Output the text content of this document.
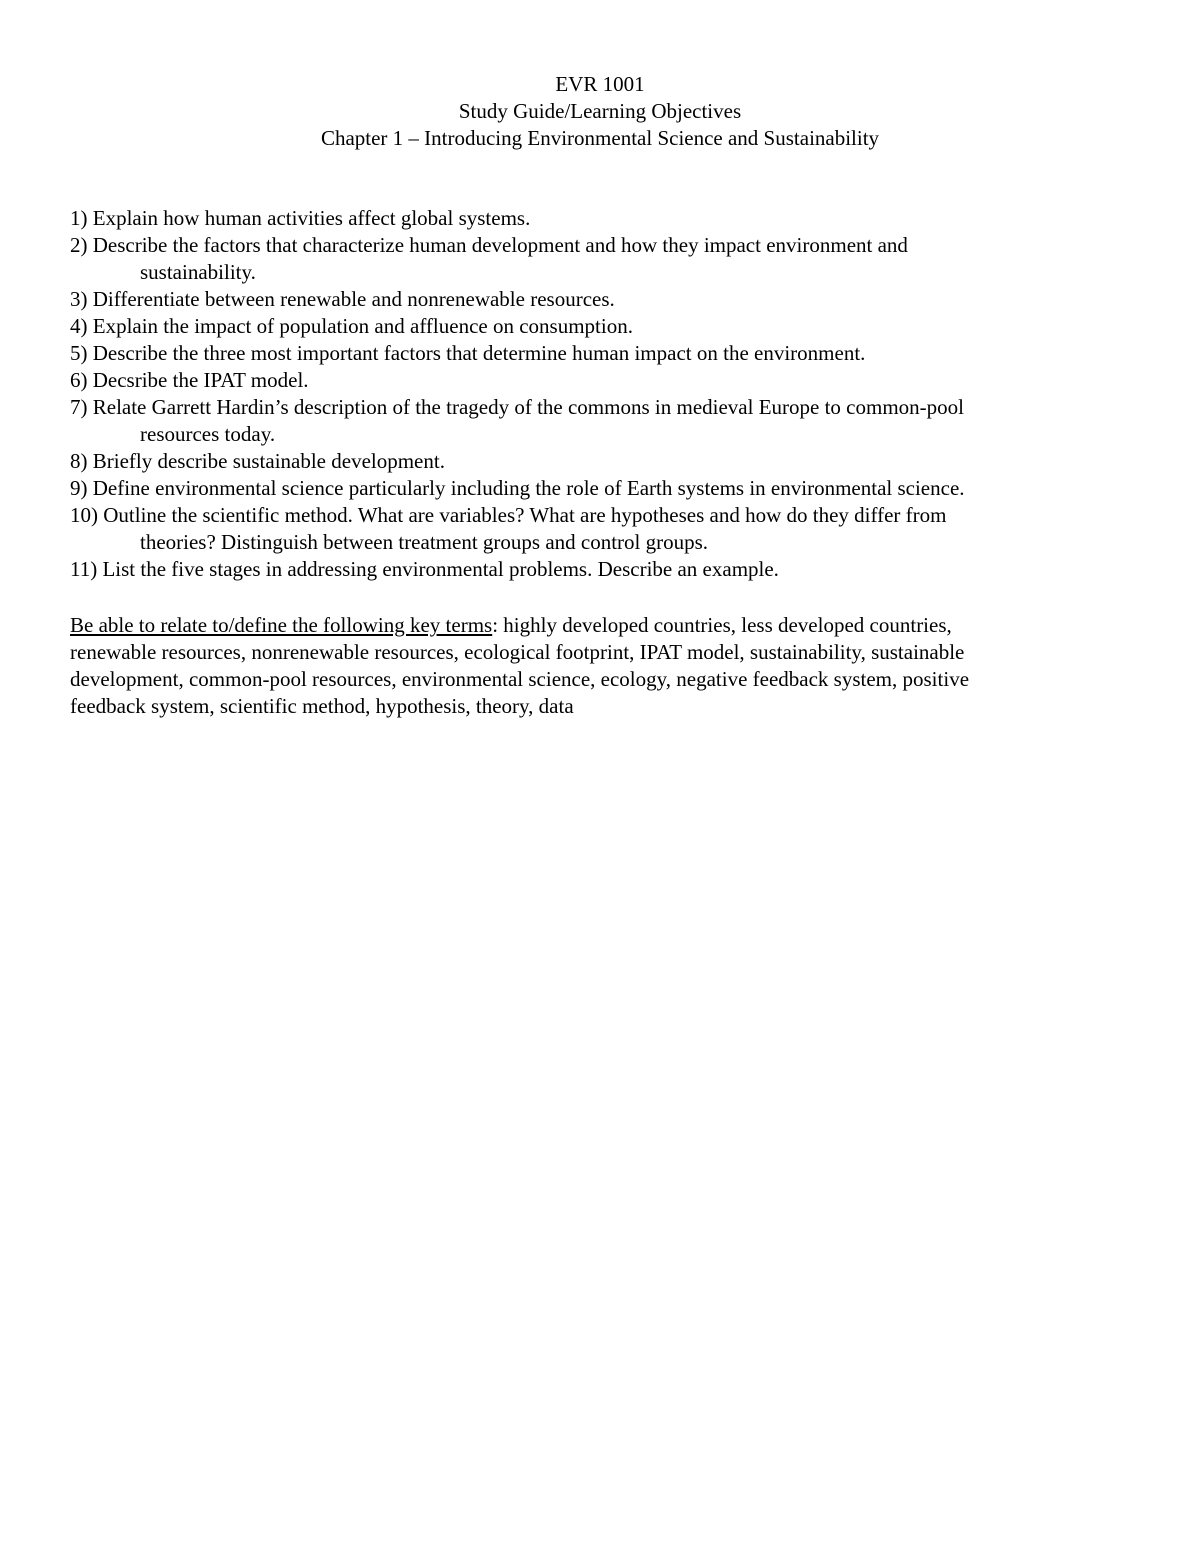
EVR 1001
Study Guide/Learning Objectives
Chapter 1 – Introducing Environmental Science and Sustainability
1) Explain how human activities affect global systems.
2) Describe the factors that characterize human development and how they impact environment and
sustainability.
3) Differentiate between renewable and nonrenewable resources.
4) Explain the impact of population and affluence on consumption.
5) Describe the three most important factors that determine human impact on the environment.
6) Decsribe the IPAT model.
7) Relate Garrett Hardin’s description of the tragedy of the commons in medieval Europe to common-pool
resources today.
8) Briefly describe sustainable development.
9) Define environmental science particularly including the role of Earth systems in environmental science.
10) Outline the scientific method. What are variables? What are hypotheses and how do they differ from
theories? Distinguish between treatment groups and control groups.
11) List the five stages in addressing environmental problems. Describe an example.
Be able to relate to/define the following key terms: highly developed countries, less developed countries,
renewable resources, nonrenewable resources, ecological footprint, IPAT model, sustainability, sustainable
development, common-pool resources, environmental science, ecology, negative feedback system, positive
feedback system, scientific method, hypothesis, theory, data
